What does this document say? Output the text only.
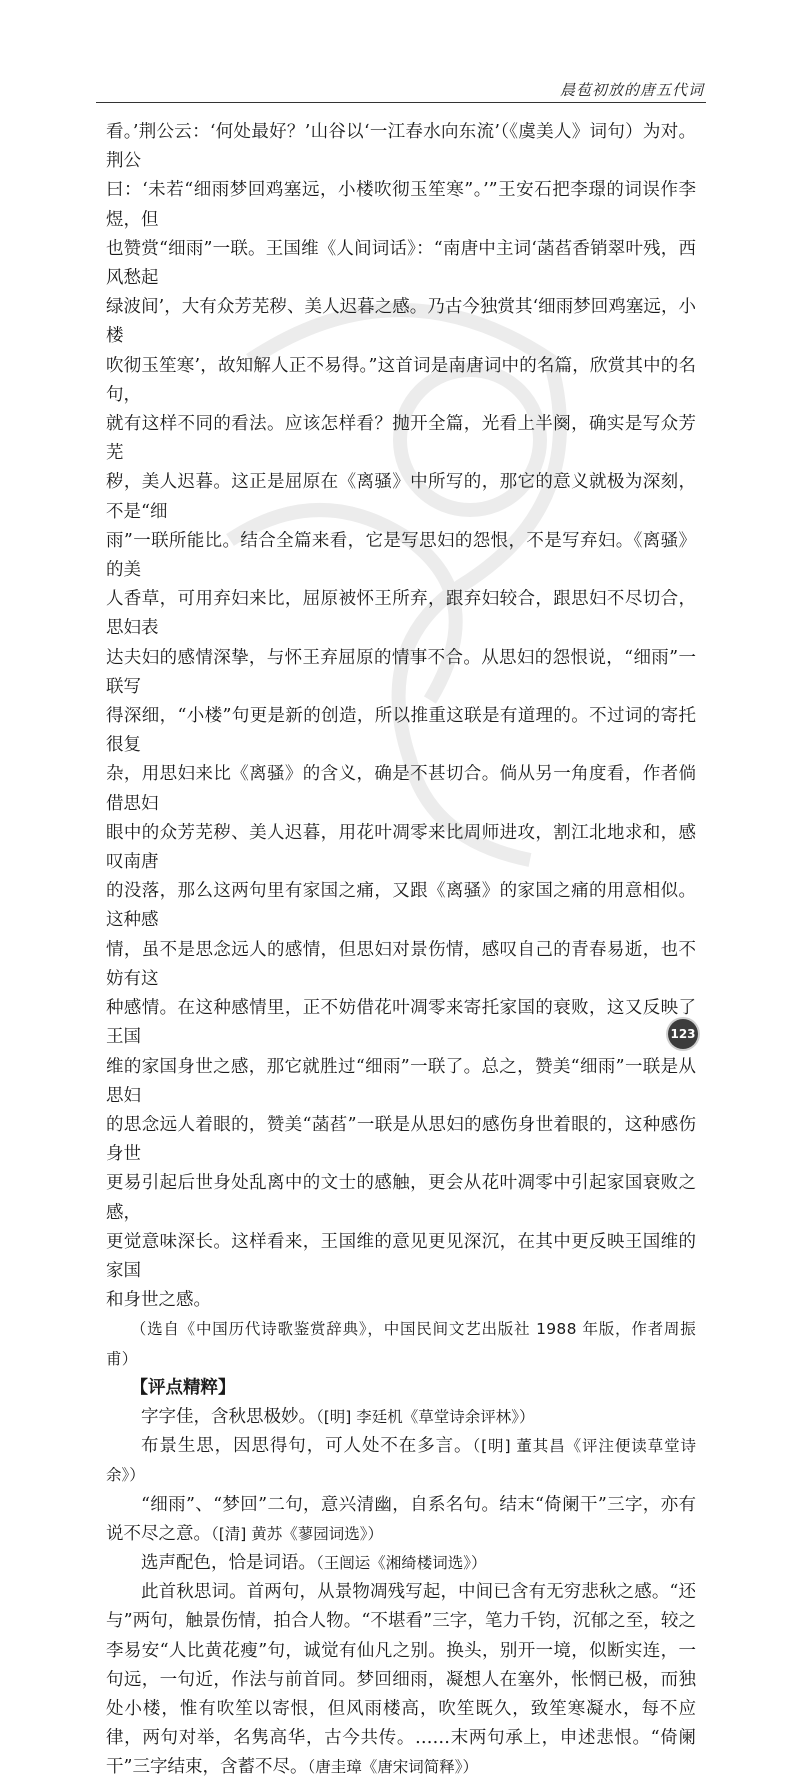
晨苞初放的唐五代词

看。’荆公云：‘何处最好？’山谷以‘一江春水向东流’（《虞美人》词句）为对。荆公

曰：‘未若“细雨梦回鸡塞远，小楼吹彻玉笙寒”。’”王安石把李璟的词误作李煜，但

也赞赏“细雨”一联。王国维《人间词话》：“南唐中主词‘菡萏香销翠叶残，西风愁起

绿波间’，大有众芳芜秽、美人迟暮之感。乃古今独赏其‘细雨梦回鸡塞远，小楼

吹彻玉笙寒’，故知解人正不易得。”这首词是南唐词中的名篇，欣赏其中的名句，

就有这样不同的看法。应该怎样看？抛开全篇，光看上半阕，确实是写众芳芜

秽，美人迟暮。这正是屈原在《离骚》中所写的，那它的意义就极为深刻，不是“细

雨”一联所能比。结合全篇来看，它是写思妇的怨恨，不是写弃妇。《离骚》的美

人香草，可用弃妇来比，屈原被怀王所弃，跟弃妇较合，跟思妇不尽切合，思妇表

达夫妇的感情深挚，与怀王弃屈原的情事不合。从思妇的怨恨说，“细雨”一联写

得深细，“小楼”句更是新的创造，所以推重这联是有道理的。不过词的寄托很复

杂，用思妇来比《离骚》的含义，确是不甚切合。倘从另一角度看，作者倘借思妇

眼中的众芳芜秽、美人迟暮，用花叶凋零来比周师进攻，割江北地求和，感叹南唐

的没落，那么这两句里有家国之痛，又跟《离骚》的家国之痛的用意相似。这种感

情，虽不是思念远人的感情，但思妇对景伤情，感叹自己的青春易逝，也不妨有这

种感情。在这种感情里，正不妨借花叶凋零来寄托家国的衰败，这又反映了王国

维的家国身世之感，那它就胜过“细雨”一联了。总之，赞美“细雨”一联是从思妇

的思念远人着眼的，赞美“菡萏”一联是从思妇的感伤身世着眼的，这种感伤身世

更易引起后世身处乱离中的文士的感触，更会从花叶凋零中引起家国衰败之感，

更觉意味深长。这样看来，王国维的意见更见深沉，在其中更反映王国维的家国

和身世之感。

（选自《中国历代诗歌鉴赏辞典》，中国民间文艺出版社 1988 年版，作者周振甫）

【评点精粹】

字字佳，含秋思极妙。（[明] 李廷机《草堂诗余评林》）

布景生思，因思得句，可人处不在多言。（[明] 董其昌《评注便读草堂诗余》）

“细雨”、“梦回”二句，意兴清幽，自系名句。结末“倚阑干”三字，亦有说不尽之意。（[清] 黄苏《蓼园词选》）

选声配色，恰是词语。（王闿运《湘绮楼词选》）

此首秋思词。首两句，从景物凋残写起，中间已含有无穷悲秋之感。“还与”两句，触景伤情，拍合人物。“不堪看”三字，笔力千钧，沉郁之至，较之李易安“人比黄花瘦”句，诚觉有仙凡之别。换头，别开一境，似断实连，一句远，一句近，作法与前首同。梦回细雨，凝想人在塞外，怅惘已极，而独处小楼，惟有吹笙以寄恨，但风雨楼高，吹笙既久，致笙寒凝水，每不应律，两句对举，名隽高华，古今共传。……末两句承上，申述悲恨。“倚阑干”三字结束，含蓄不尽。（唐圭璋《唐宋词简释》）

123
